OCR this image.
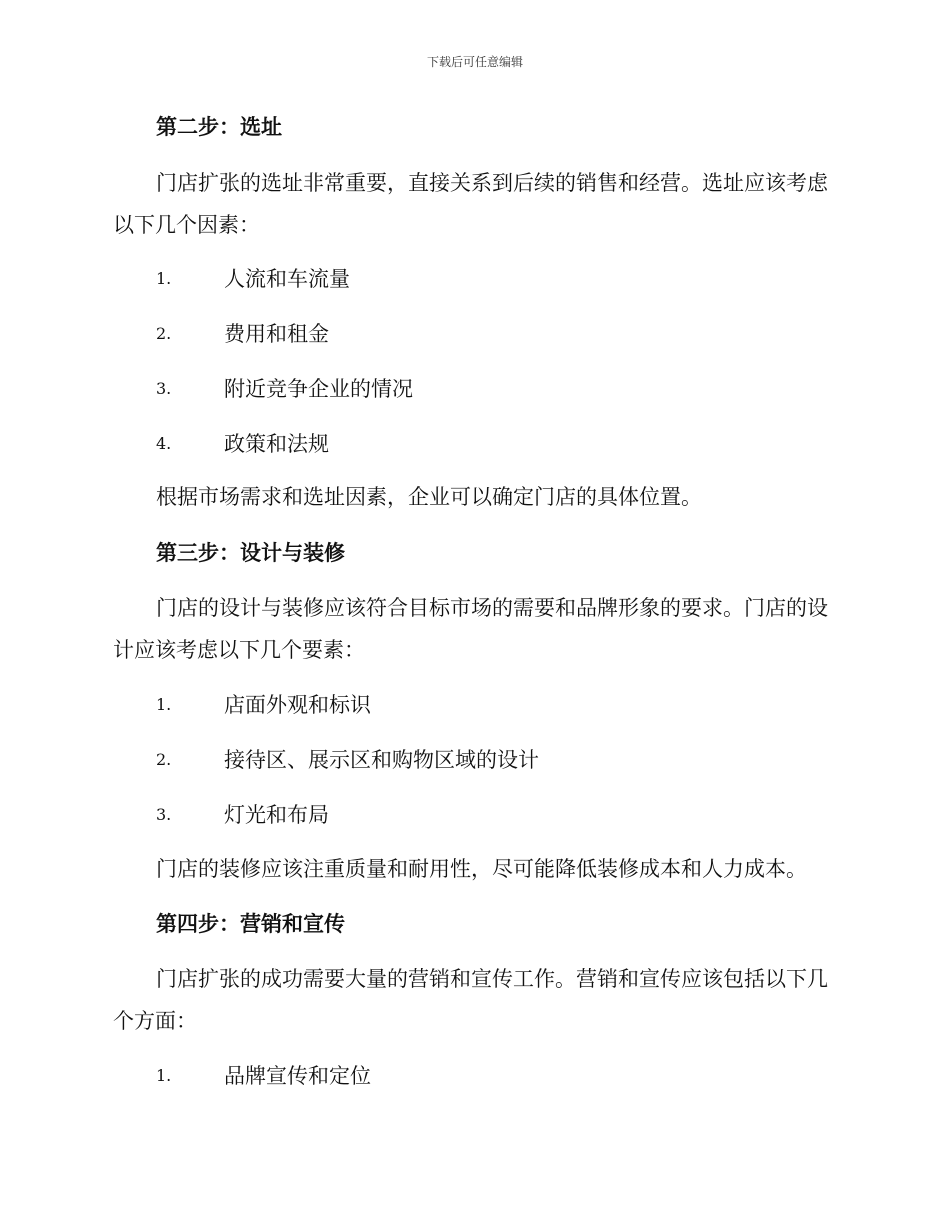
下载后可任意编辑
第二步：选址
门店扩张的选址非常重要，直接关系到后续的销售和经营。选址应该考虑以下几个因素：
1.	人流和车流量
2.	费用和租金
3.	附近竞争企业的情况
4.	政策和法规
根据市场需求和选址因素，企业可以确定门店的具体位置。
第三步：设计与装修
门店的设计与装修应该符合目标市场的需要和品牌形象的要求。门店的设计应该考虑以下几个要素：
1.	店面外观和标识
2.	接待区、展示区和购物区域的设计
3.	灯光和布局
门店的装修应该注重质量和耐用性，尽可能降低装修成本和人力成本。
第四步：营销和宣传
门店扩张的成功需要大量的营销和宣传工作。营销和宣传应该包括以下几个方面：
1.	品牌宣传和定位
